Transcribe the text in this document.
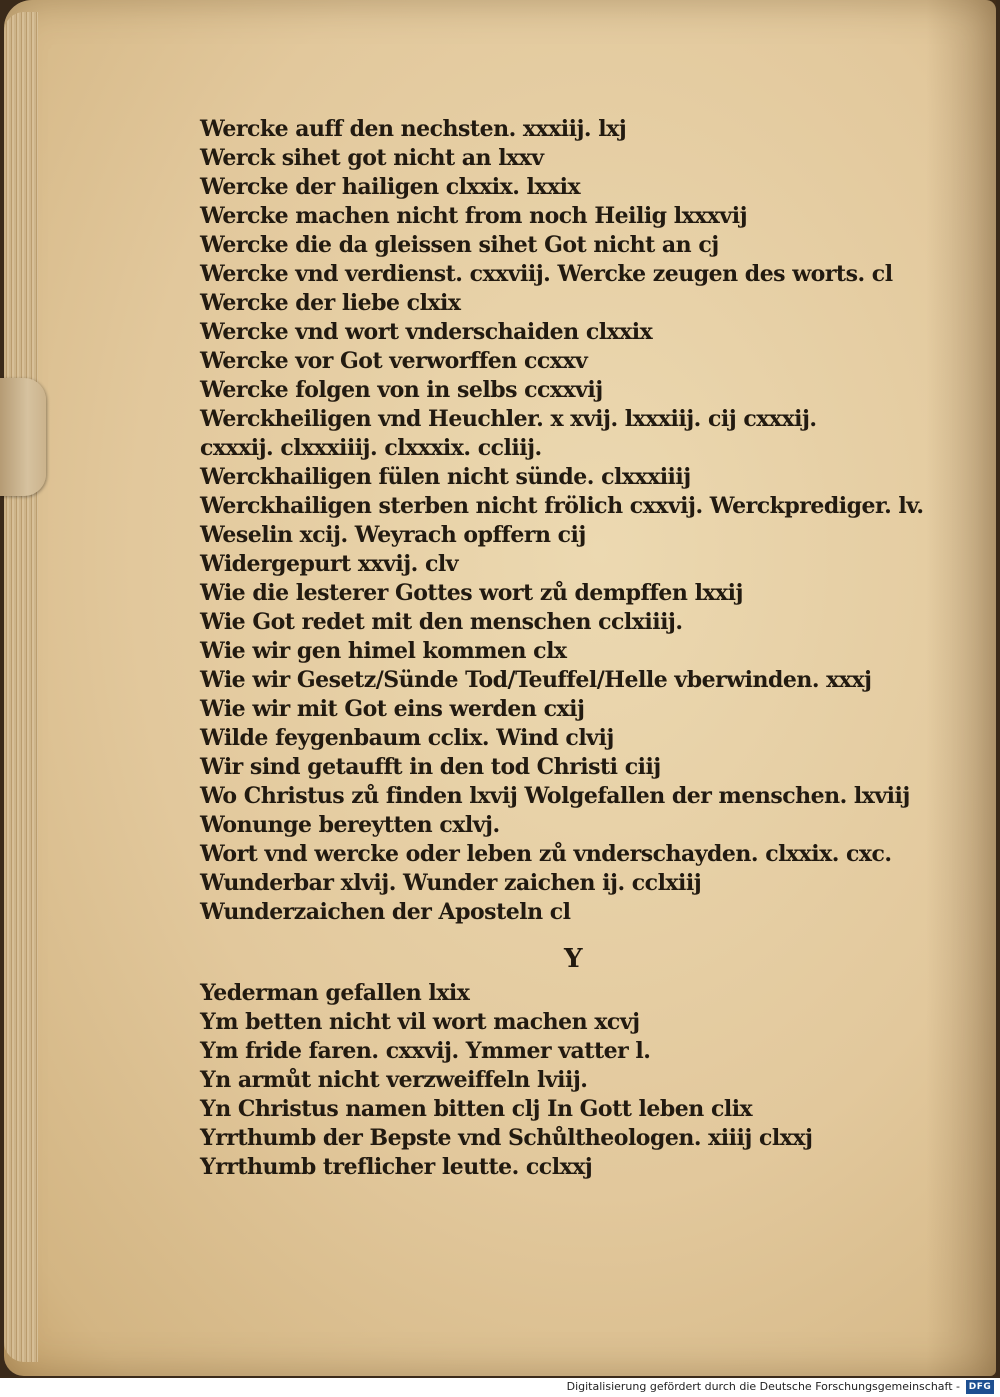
Wercke auff den nechsten. xxxiij. lxj
Werck sihet got nicht an lxxv
Wercke der hailigen clxxix. lxxix
Wercke machen nicht from noch Heilig lxxxvij
Wercke die da gleissen sihet Got nicht an cj
Wercke vnd verdienst. cxxviij. Wercke zeugen des worts. cl
Wercke der liebe clxix
Wercke vnd wort vnderschaiden clxxix
Wercke vor Got verworffen ccxxv
Wercke folgen von in selbs ccxxvij
Werckheiligen vnd Heuchler. x xvij. lxxxiij. cij cxxxij.
cxxxij. clxxxiiij. clxxxix. ccliij.
Werckhailigen fülen nicht sünde. clxxxiiij
Werckhailigen sterben nicht frölich cxxvij. Werckprediger. lv.
Weselin xcij. Weyrach opffern cij
Widergepurt xxvij. clv
Wie die lesterer Gottes wort zů dempffen lxxij
Wie Got redet mit den menschen cclxiiij.
Wie wir gen himel kommen clx
Wie wir Gesetz/Sünde Tod/Teuffel/Helle vberwinden. xxxj
Wie wir mit Got eins werden cxij
Wilde feygenbaum cclix. Wind clvij
Wir sind getaufft in den tod Christi ciij
Wo Christus zů finden lxvij Wolgefallen der menschen. lxviij
Wonunge bereytten cxlvj.
Wort vnd wercke oder leben zů vnderschayden. clxxix. cxc.
Wunderbar xlvij. Wunder zaichen ij. cclxiij
Wunderzaichen der Aposteln cl
Y
Yederman gefallen lxix
Ym betten nicht vil wort machen xcvj
Ym fride faren. cxxvij. Ymmer vatter l.
Yn armůt nicht verzweiffeln lviij.
Yn Christus namen bitten clj In Gott leben clix
Yrrthumb der Bepste vnd Schůltheologen. xiiij clxxj
Yrrthumb treflicher leutte. cclxxj
Digitalisierung gefördert durch die Deutsche Forschungsgemeinschaft - DFG
